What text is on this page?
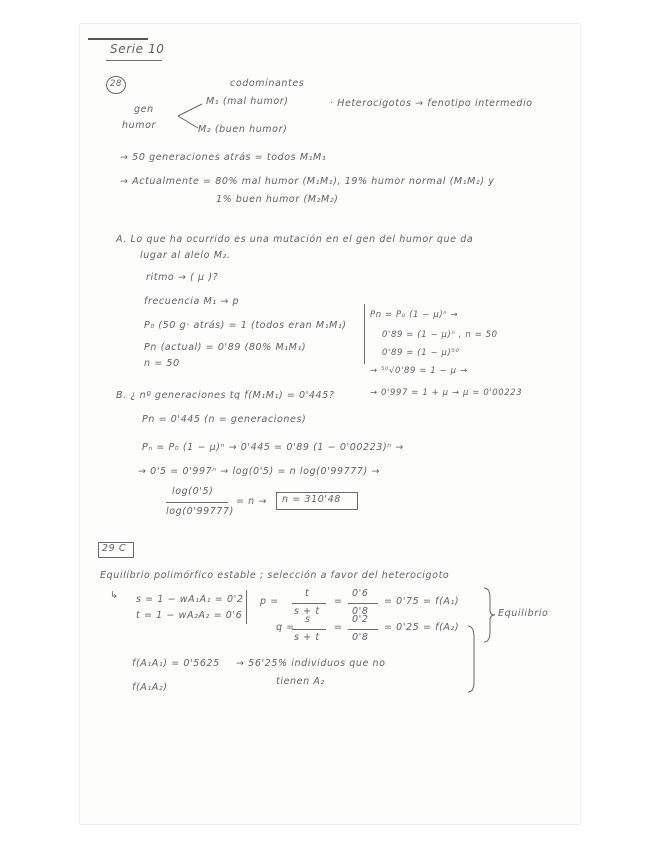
Serie 10
28	codominantes
gen
humor
M₁ (mal humor)
M₂ (buen humor)
· Heterocigotos → fenotipo intermedio
→ 50 generaciones atrás = todos M₁M₁
→ Actualmente = 80% mal humor (M₁M₁), 19% humor normal (M₁M₂) y
1% buen humor (M₂M₂)
A. Lo que ha ocurrido es una mutación en el gen del humor que da
lugar al alelo M₂.
ritmo → ( μ )?
frecuencia M₁ → p
P₀ (50 g· atrás) = 1 (todos eran M₁M₁)
Pn (actual) = 0'89 (80% M₁M₁)
n = 50
Pn = P₀ (1 − μ)ⁿ →
0'89 = (1 − μ)ⁿ , n = 50
0'89 = (1 − μ)⁵⁰
→ ⁵⁰√0'89 = 1 − μ →
→ 0'997 = 1 + μ → μ = 0'00223
B. ¿ nº generaciones tq f(M₁M₁) = 0'445?
Pn = 0'445 (n = generaciones)
Pₙ = P₀ (1 − μ)ⁿ → 0'445 = 0'89 (1 − 0'00223)ⁿ →
→ 0'5 = 0'997ⁿ → log(0'5) = n log(0'99777) →
log(0'5)
log(0'99777)
= n → n = 310'48
29 C
Equilibrio polimórfico estable ; selección a favor del heterocigoto
↳ s = 1 − wA₁A₁ = 0'2
t = 1 − wA₂A₂ = 0'6
p =
t
s + t
=
0'6
0'8
= 0'75 = f(A₁)
q =
s
s + t
=
0'2
0'8
= 0'25 = f(A₂)
Equilibrio
f(A₁A₁) = 0'5625 → 56'25% individuos que no
tienen A₂
f(A₁A₂)
